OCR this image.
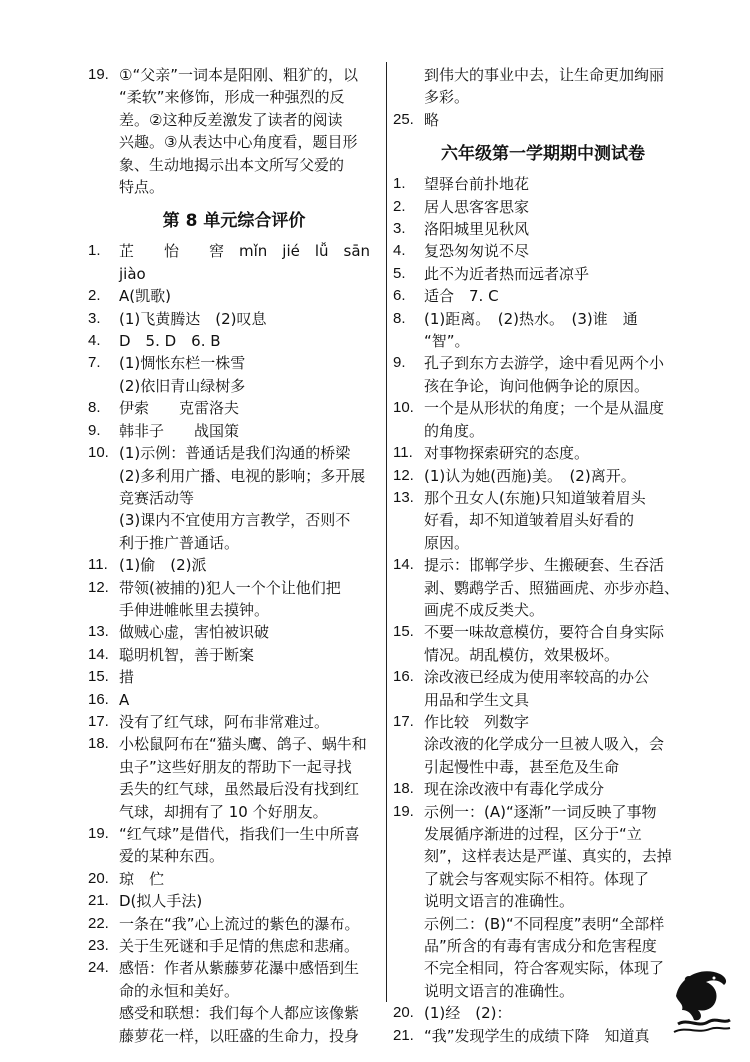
19. ①“父亲”一词本是阳刚、粗犷的，以
“柔软”来修饰，形成一种强烈的反
差。②这种反差激发了读者的阅读
兴趣。③从表达中心角度看，题目形
象、生动地揭示出本文所写父爱的
特点。
第 8 单元综合评价
1.	芷　　怡　　窖　mǐn　jié　lǚ　sān
jiào
2.	A(凯歌)
3.	(1)飞黄腾达　(2)叹息
4.	D　5. D　6. B
7.	(1)惆怅东栏一株雪
(2)依旧青山绿树多
8.	伊索　　克雷洛夫
9.	韩非子　　战国策
10. (1)示例：普通话是我们沟通的桥梁
(2)多利用广播、电视的影响；多开展
竞赛活动等
(3)课内不宜使用方言教学，否则不
利于推广普通话。
11. (1)偷　(2)派
12. 带领(被捕的)犯人一个个让他们把
手伸进帷帐里去摸钟。
13. 做贼心虚，害怕被识破
14. 聪明机智，善于断案
15. 措
16. A
17. 没有了红气球，阿布非常难过。
18. 小松鼠阿布在“猫头鹰、鸽子、蜗牛和
虫子”这些好朋友的帮助下一起寻找
丢失的红气球，虽然最后没有找到红
气球，却拥有了 10 个好朋友。
19. “红气球”是借代，指我们一生中所喜
爱的某种东西。
20. 琼　伫
21. D(拟人手法)
22. 一条在“我”心上流过的紫色的瀑布。
23. 关于生死谜和手足情的焦虑和悲痛。
24. 感悟：作者从紫藤萝花瀑中感悟到生
命的永恒和美好。
感受和联想：我们每个人都应该像紫
藤萝花一样，以旺盛的生命力，投身
到伟大的事业中去，让生命更加绚丽
多彩。
25. 略
六年级第一学期期中测试卷
1.	望驿台前扑地花
2.	居人思客客思家
3.	洛阳城里见秋风
4.	复恐匆匆说不尽
5.	此不为近者热而远者凉乎
6.	适合　7. C
8.	(1)距离。　(2)热水。　(3)谁　通
“智”。
9.	孔子到东方去游学，途中看见两个小
孩在争论，询问他俩争论的原因。
10. 一个是从形状的角度；一个是从温度
的角度。
11. 对事物探索研究的态度。
12. (1)认为她(西施)美。　(2)离开。
13. 那个丑女人(东施)只知道皱着眉头
好看，却不知道皱着眉头好看的
原因。
14. 提示：邯郸学步、生搬硬套、生吞活
剥、鹦鹉学舌、照猫画虎、亦步亦趋、
画虎不成反类犬。
15. 不要一味故意模仿，要符合自身实际
情况。胡乱模仿，效果极坏。
16. 涂改液已经成为使用率较高的办公
用品和学生文具
17. 作比较　列数字
涂改液的化学成分一旦被人吸入，会
引起慢性中毒，甚至危及生命
18. 现在涂改液中有毒化学成分
19. 示例一：(A)“逐渐”一词反映了事物
发展循序渐进的过程，区分于“立
刻”，这样表达是严谨、真实的，去掉
了就会与客观实际不相符。体现了
说明文语言的准确性。
示例二：(B)“不同程度”表明“全部样
品”所含的有毒有害成分和危害程度
不完全相同，符合客观实际，体现了
说明文语言的准确性。
20. (1)经　(2)：
21. “我”发现学生的成绩下降　知道真
